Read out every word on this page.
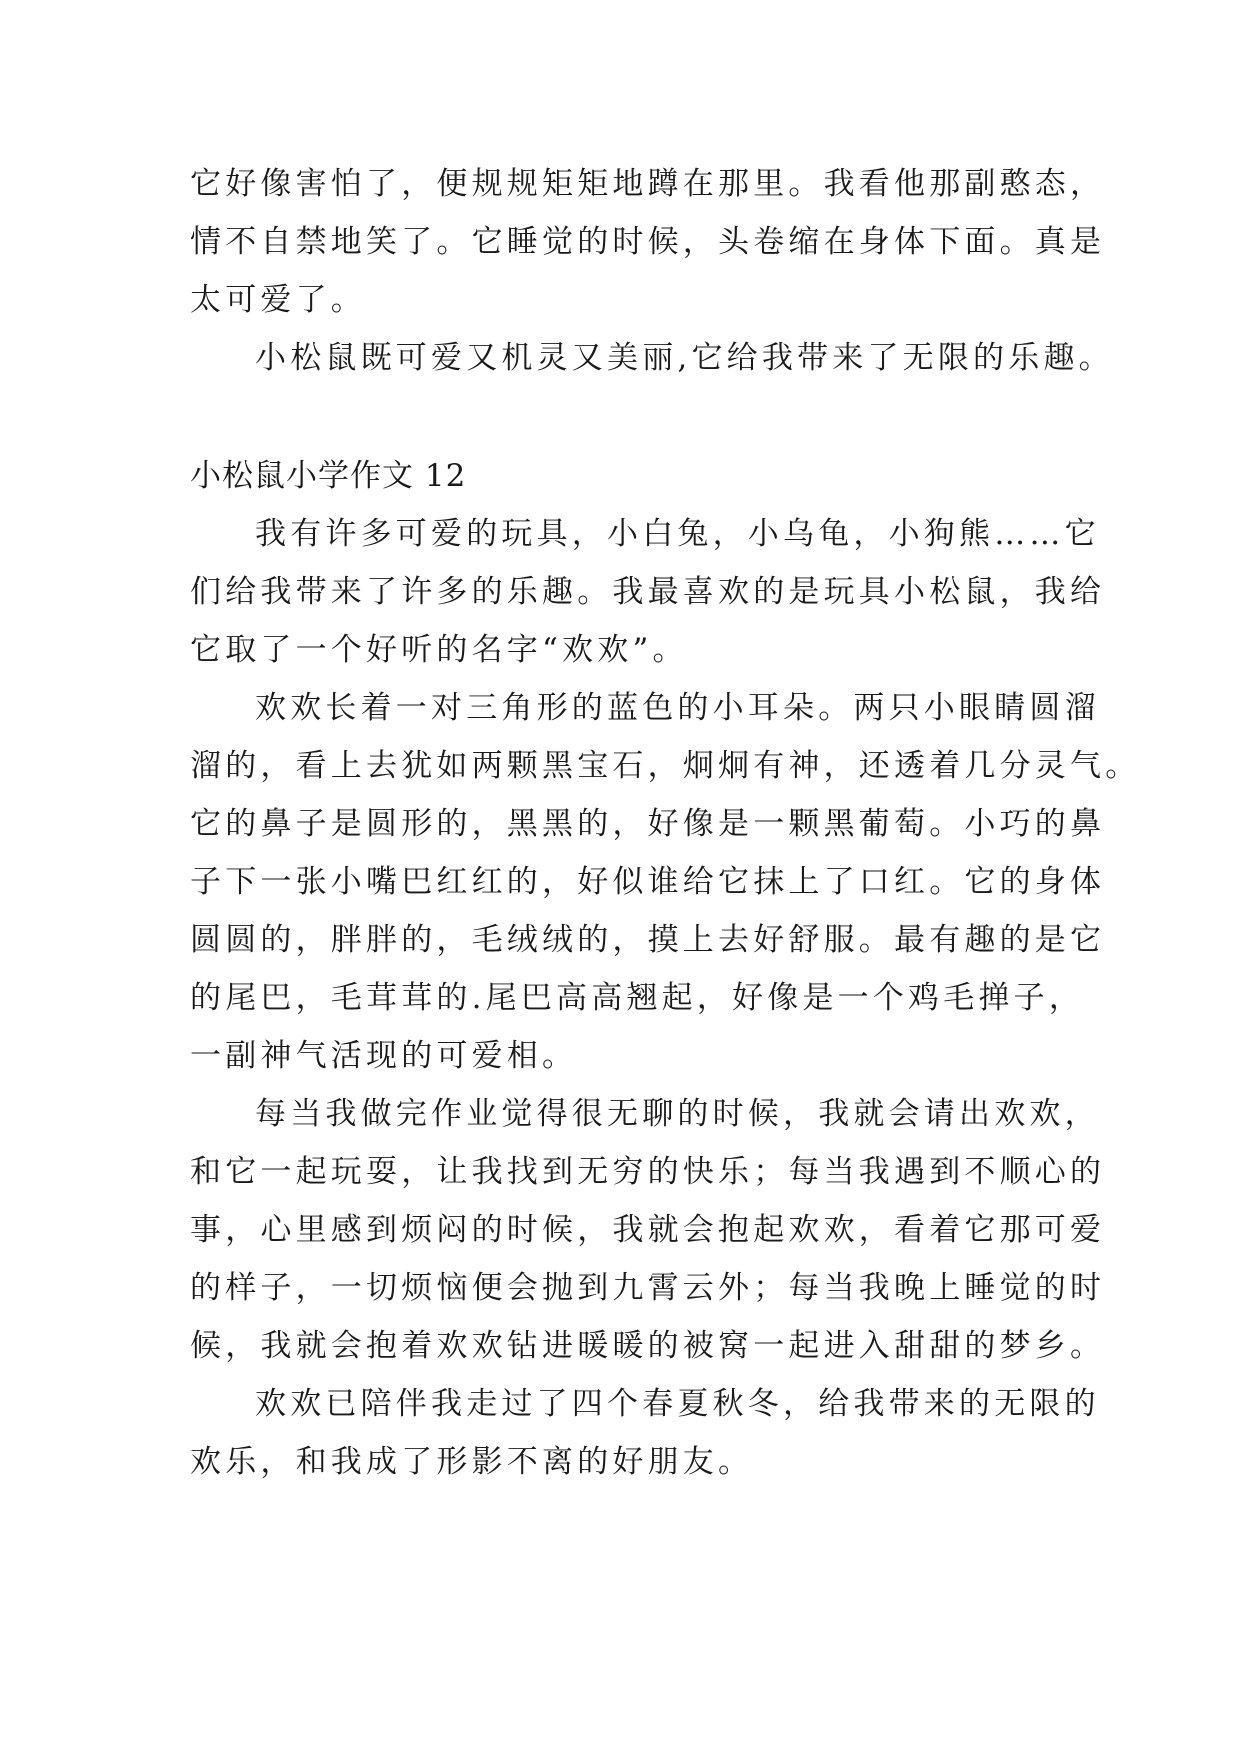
它好像害怕了，便规规矩矩地蹲在那里。我看他那副憨态，
情不自禁地笑了。它睡觉的时候，头卷缩在身体下面。真是
太可爱了。
小松鼠既可爱又机灵又美丽,它给我带来了无限的乐趣。
小松鼠小学作文 12
我有许多可爱的玩具，小白兔，小乌龟，小狗熊……它
们给我带来了许多的乐趣。我最喜欢的是玩具小松鼠，我给
它取了一个好听的名字“欢欢”。
欢欢长着一对三角形的蓝色的小耳朵。两只小眼睛圆溜
溜的，看上去犹如两颗黑宝石，炯炯有神，还透着几分灵气。
它的鼻子是圆形的，黑黑的，好像是一颗黑葡萄。小巧的鼻
子下一张小嘴巴红红的，好似谁给它抹上了口红。它的身体
圆圆的，胖胖的，毛绒绒的，摸上去好舒服。最有趣的是它
的尾巴，毛茸茸的.尾巴高高翘起，好像是一个鸡毛掸子，
一副神气活现的可爱相。
每当我做完作业觉得很无聊的时候，我就会请出欢欢，
和它一起玩耍，让我找到无穷的快乐；每当我遇到不顺心的
事，心里感到烦闷的时候，我就会抱起欢欢，看着它那可爱
的样子，一切烦恼便会抛到九霄云外；每当我晚上睡觉的时
候，我就会抱着欢欢钻进暖暖的被窝一起进入甜甜的梦乡。
欢欢已陪伴我走过了四个春夏秋冬，给我带来的无限的
欢乐，和我成了形影不离的好朋友。
